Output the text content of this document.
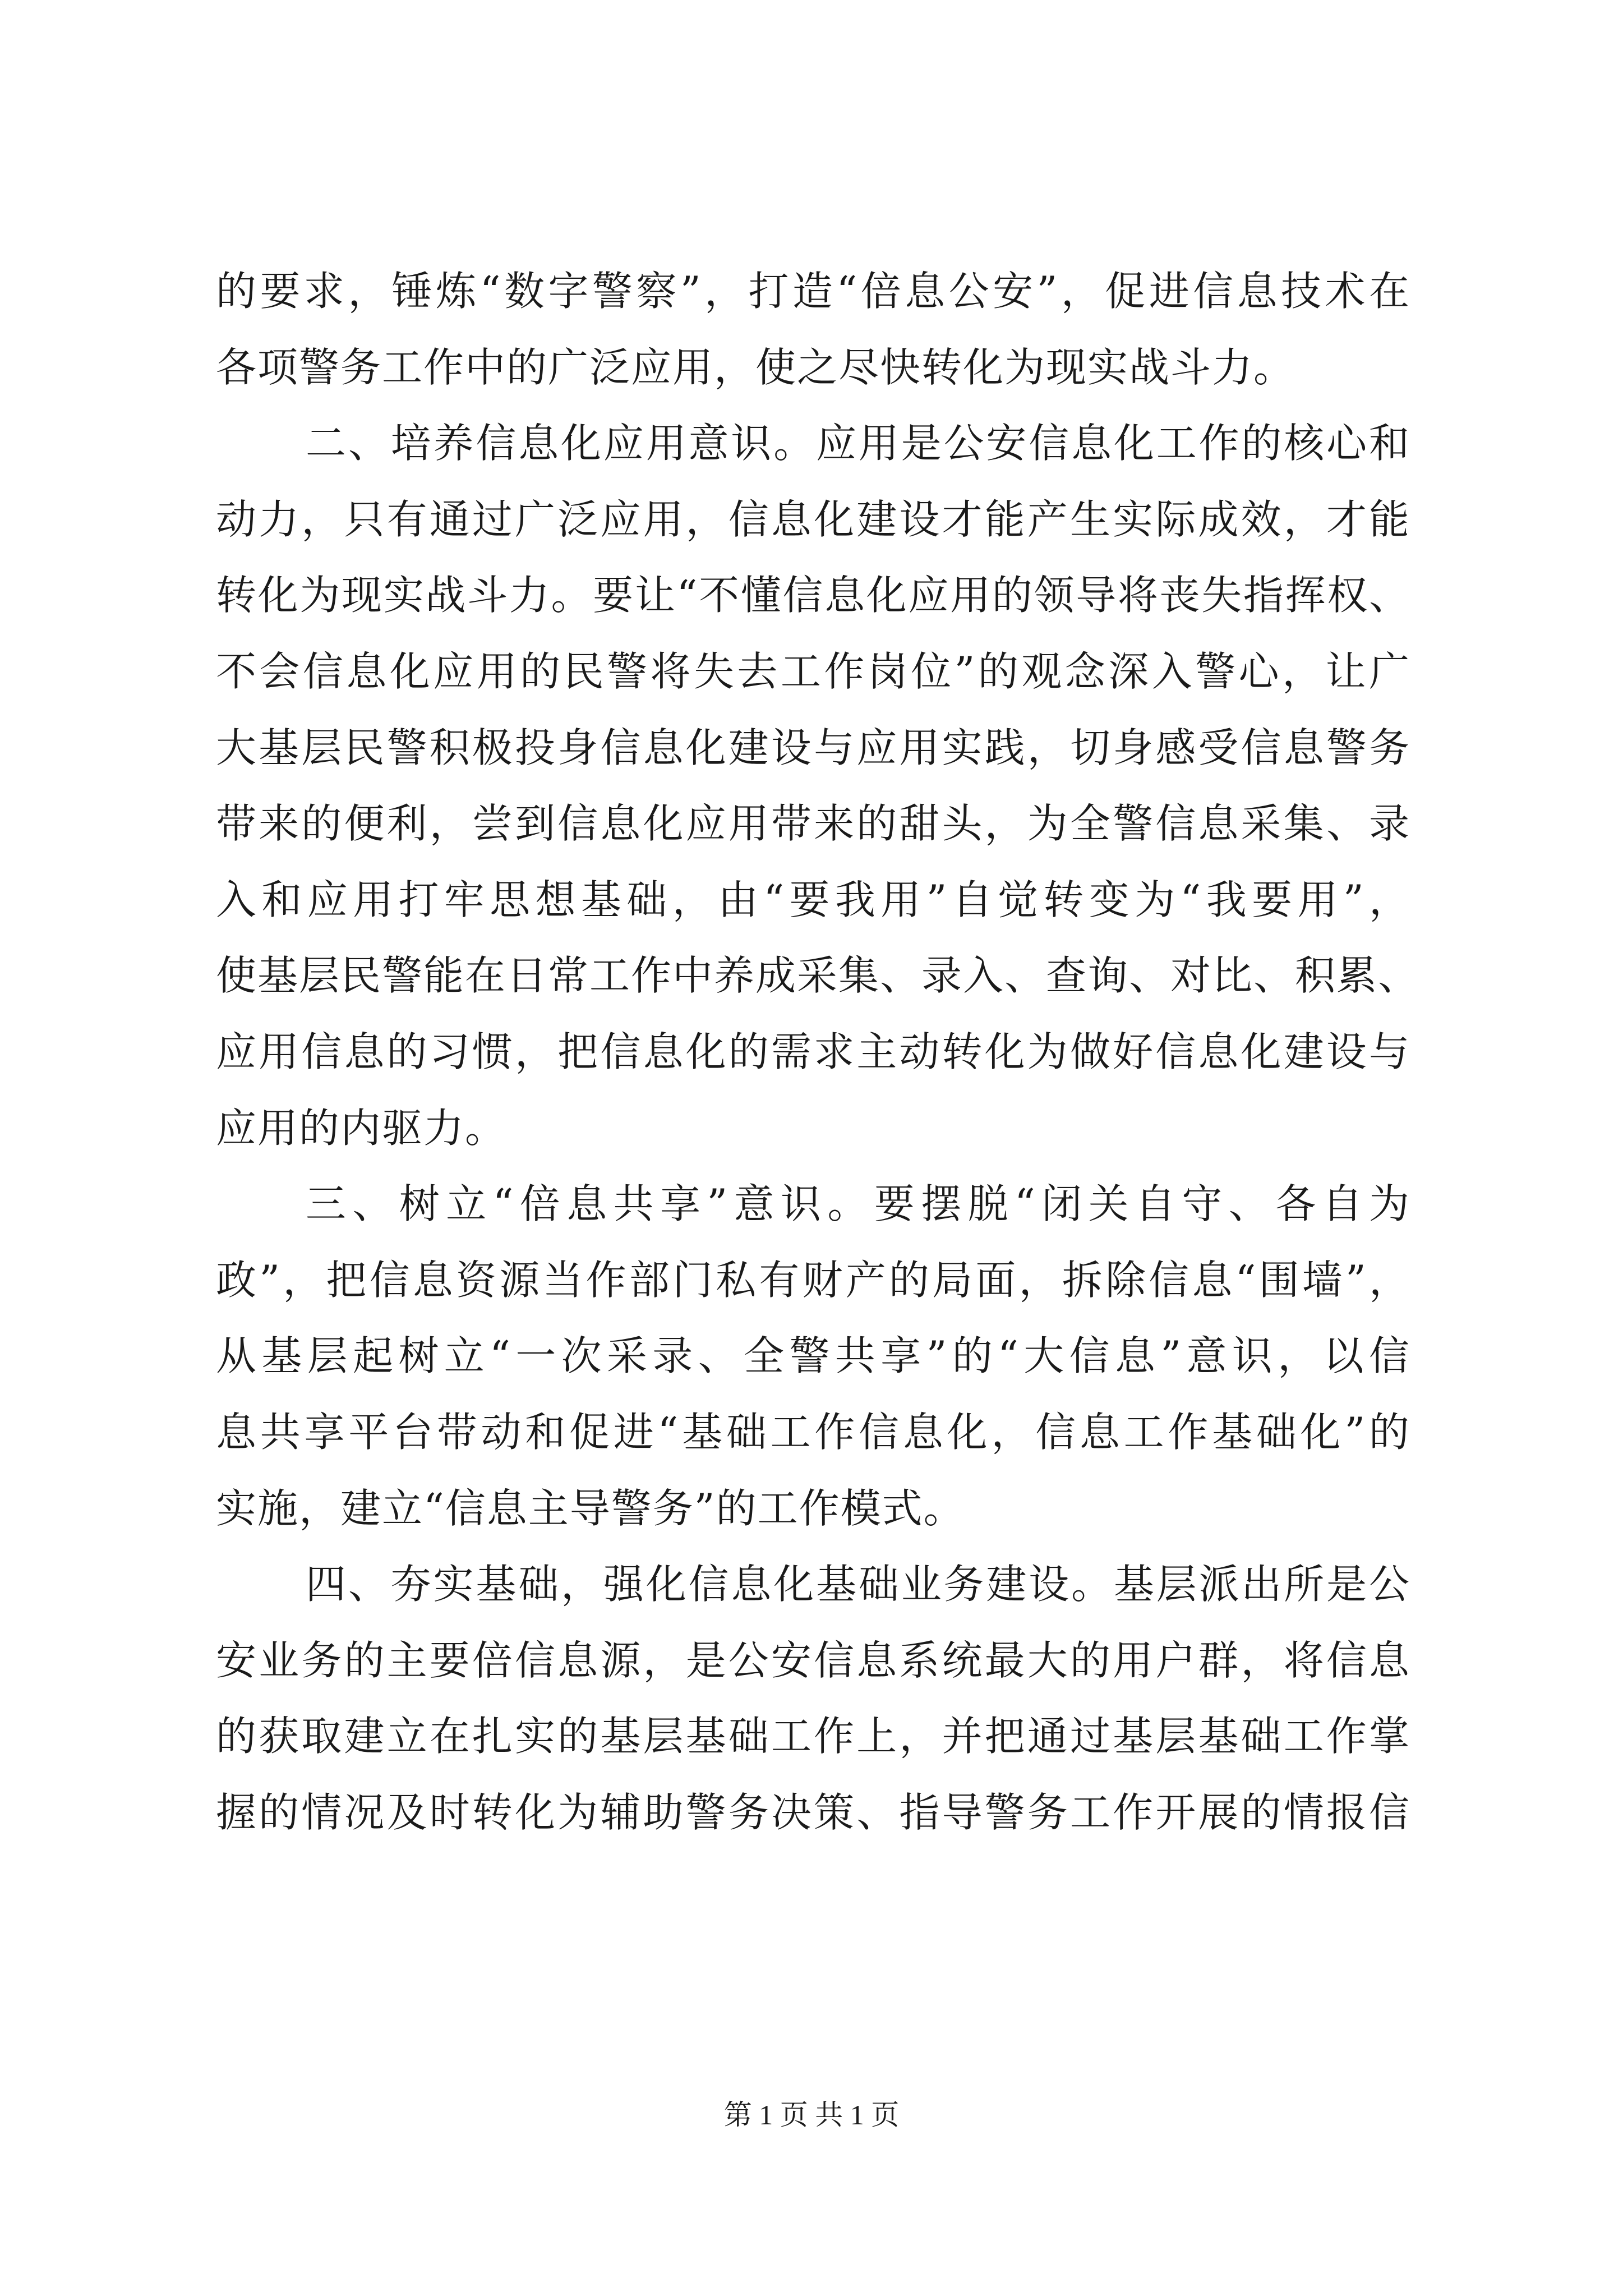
的要求，锤炼“数字警察”，打造“倍息公安”，促进信息技术在
各项警务工作中的广泛应用，使之尽快转化为现实战斗力。
二、培养信息化应用意识。应用是公安信息化工作的核心和
动力，只有通过广泛应用，信息化建设才能产生实际成效，才能
转化为现实战斗力。要让“不懂信息化应用的领导将丧失指挥权、
不会信息化应用的民警将失去工作岗位”的观念深入警心，让广
大基层民警积极投身信息化建设与应用实践，切身感受信息警务
带来的便利，尝到信息化应用带来的甜头，为全警信息采集、录
入和应用打牢思想基础，由“要我用”自觉转变为“我要用”，
使基层民警能在日常工作中养成采集、录入、查询、对比、积累、
应用信息的习惯，把信息化的需求主动转化为做好信息化建设与
应用的内驱力。
三、树立“倍息共享”意识。要摆脱“闭关自守、各自为
政”，把信息资源当作部门私有财产的局面，拆除信息“围墙”，
从基层起树立“一次采录、全警共享”的“大信息”意识，以信
息共享平台带动和促进“基础工作信息化，信息工作基础化”的
实施，建立“信息主导警务”的工作模式。
四、夯实基础，强化信息化基础业务建设。基层派出所是公
安业务的主要倍信息源，是公安信息系统最大的用户群，将信息
的获取建立在扎实的基层基础工作上，并把通过基层基础工作掌
握的情况及时转化为辅助警务决策、指导警务工作开展的情报信
第 1 页 共 1 页
